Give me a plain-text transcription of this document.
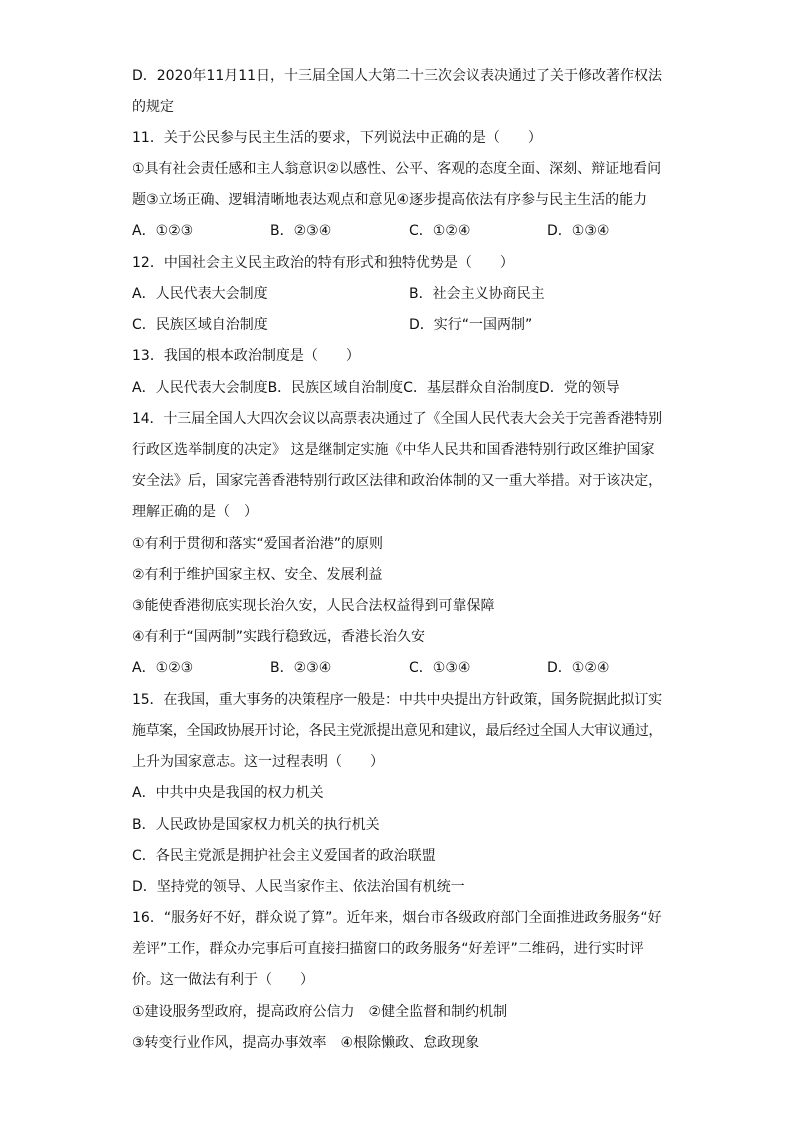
D．2020年11月11日，十三届全国人大第二十三次会议表决通过了关于修改著作权法
的规定
11．关于公民参与民主生活的要求，下列说法中正确的是（　　）
①具有社会责任感和主人翁意识②以感性、公平、客观的态度全面、深刻、辩证地看问
题③立场正确、逻辑清晰地表达观点和意见④逐步提高依法有序参与民主生活的能力
A．①②③	B．②③④	C．①②④	D．①③④
12．中国社会主义民主政治的特有形式和独特优势是（　　）
A．人民代表大会制度	B．社会主义协商民主
C．民族区域自治制度	D．实行“一国两制”
13．我国的根本政治制度是（　　）
A．人民代表大会制度B．民族区域自治制度C．基层群众自治制度D．党的领导
14．十三届全国人大四次会议以高票表决通过了《全国人民代表大会关于完善香港特别
行政区选举制度的决定》 这是继制定实施《中华人民共和国香港特别行政区维护国家
安全法》后，国家完善香港特别行政区法律和政治体制的又一重大举措。对于该决定，
理解正确的是（　）
①有利于贯彻和落实“爱国者治港”的原则
②有利于维护国家主权、安全、发展利益
③能使香港彻底实现长治久安，人民合法权益得到可靠保障
④有利于“国两制”实践行稳致远，香港长治久安
A．①②③	B．②③④	C．①③④	D．①②④
15．在我国，重大事务的决策程序一般是：中共中央提出方针政策，国务院据此拟订实
施草案，全国政协展开讨论，各民主党派提出意见和建议，最后经过全国人大审议通过，
上升为国家意志。这一过程表明（　　）
A．中共中央是我国的权力机关
B．人民政协是国家权力机关的执行机关
C．各民主党派是拥护社会主义爱国者的政治联盟
D．坚持党的领导、人民当家作主、依法治国有机统一
16．“服务好不好，群众说了算”。近年来，烟台市各级政府部门全面推进政务服务“好
差评”工作，群众办完事后可直接扫描窗口的政务服务“好差评”二维码，进行实时评
价。这一做法有利于（　　）
①建设服务型政府，提高政府公信力　②健全监督和制约机制
③转变行业作风，提高办事效率　④根除懒政、怠政现象
